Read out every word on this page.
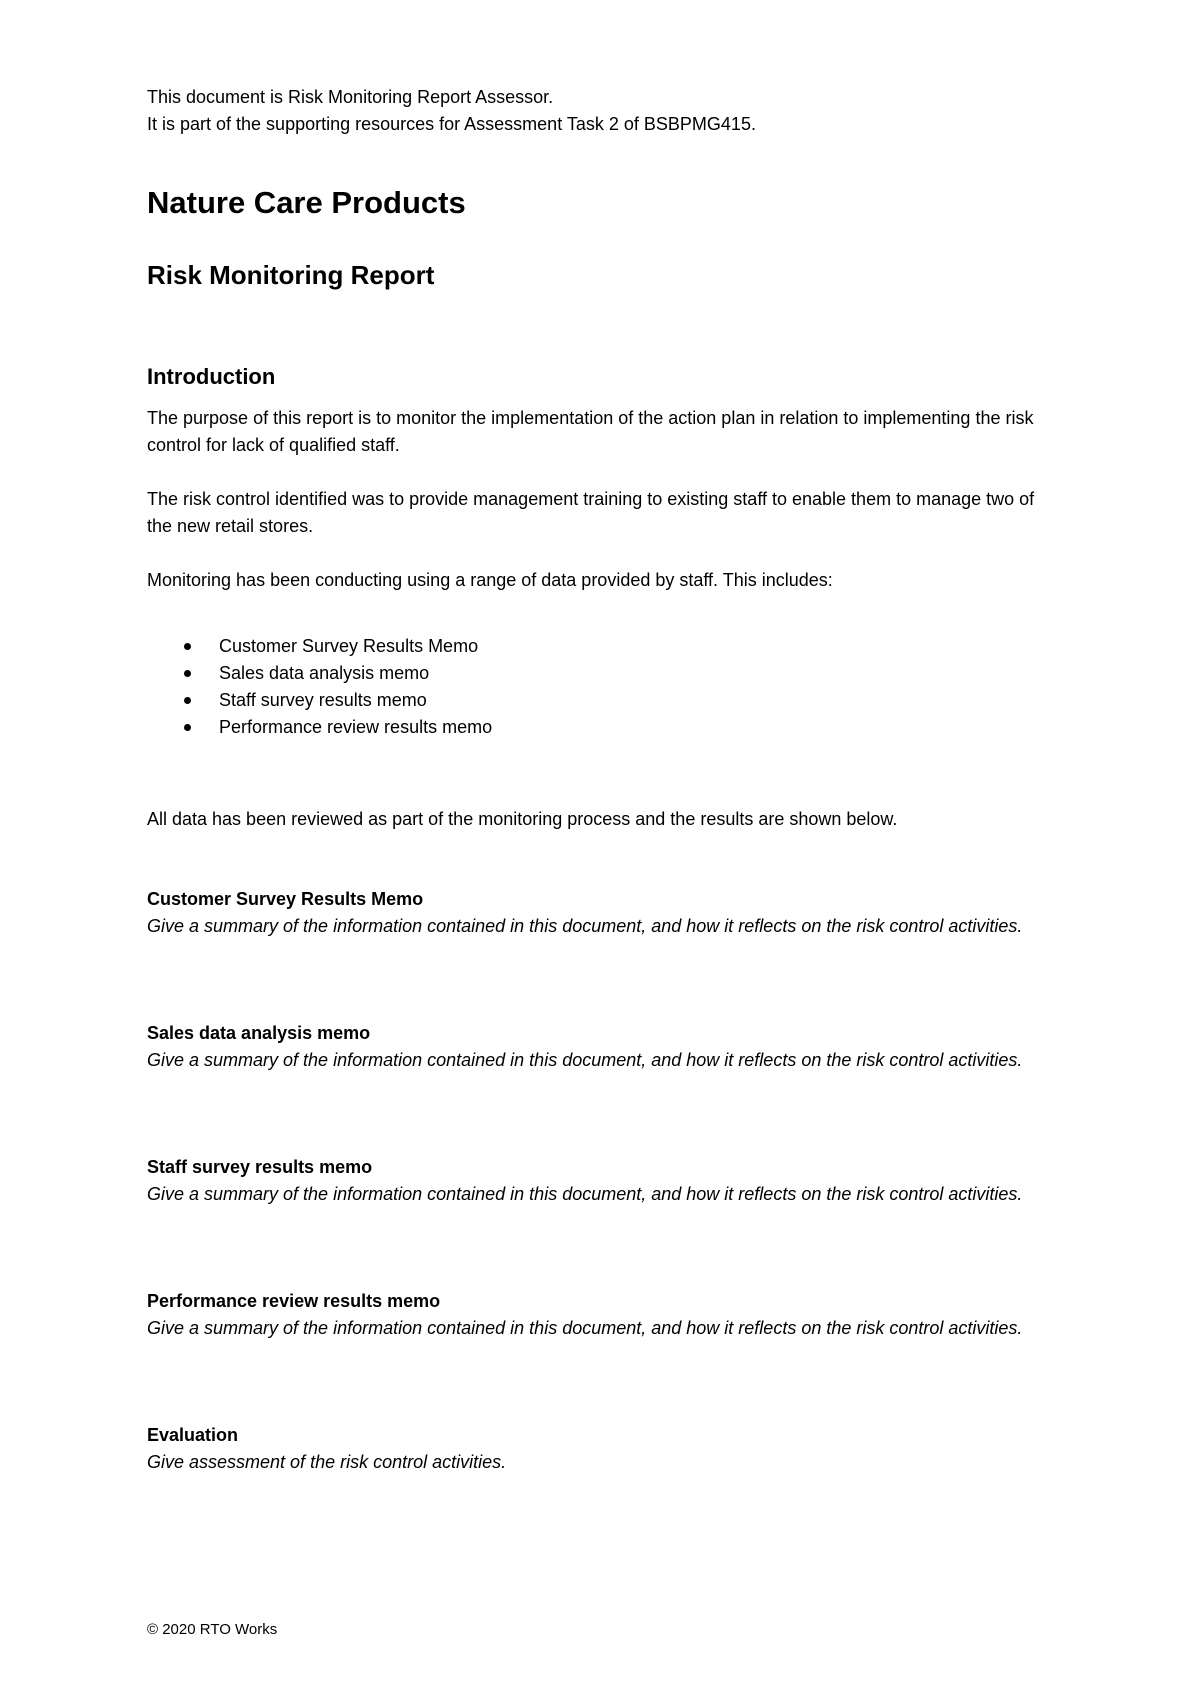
This document is Risk Monitoring Report Assessor.

It is part of the supporting resources for Assessment Task 2 of BSBPMG415.

Nature Care Products
Risk Monitoring Report
Introduction

The purpose of this report is to monitor the implementation of the action plan in relation to implementing the risk control for lack of qualified staff.

The risk control identified was to provide management training to existing staff to enable them to manage two of the new retail stores.

Monitoring has been conducting using a range of data provided by staff. This includes:

Customer Survey Results Memo
Sales data analysis memo
Staff survey results memo
Performance review results memo

All data has been reviewed as part of the monitoring process and the results are shown below.

Customer Survey Results Memo

Give a summary of the information contained in this document, and how it reflects on the risk control activities.

Sales data analysis memo

Give a summary of the information contained in this document, and how it reflects on the risk control activities.

Staff survey results memo

Give a summary of the information contained in this document, and how it reflects on the risk control activities.

Performance review results memo

Give a summary of the information contained in this document, and how it reflects on the risk control activities.

Evaluation

Give assessment of the risk control activities.

© 2020 RTO Works
